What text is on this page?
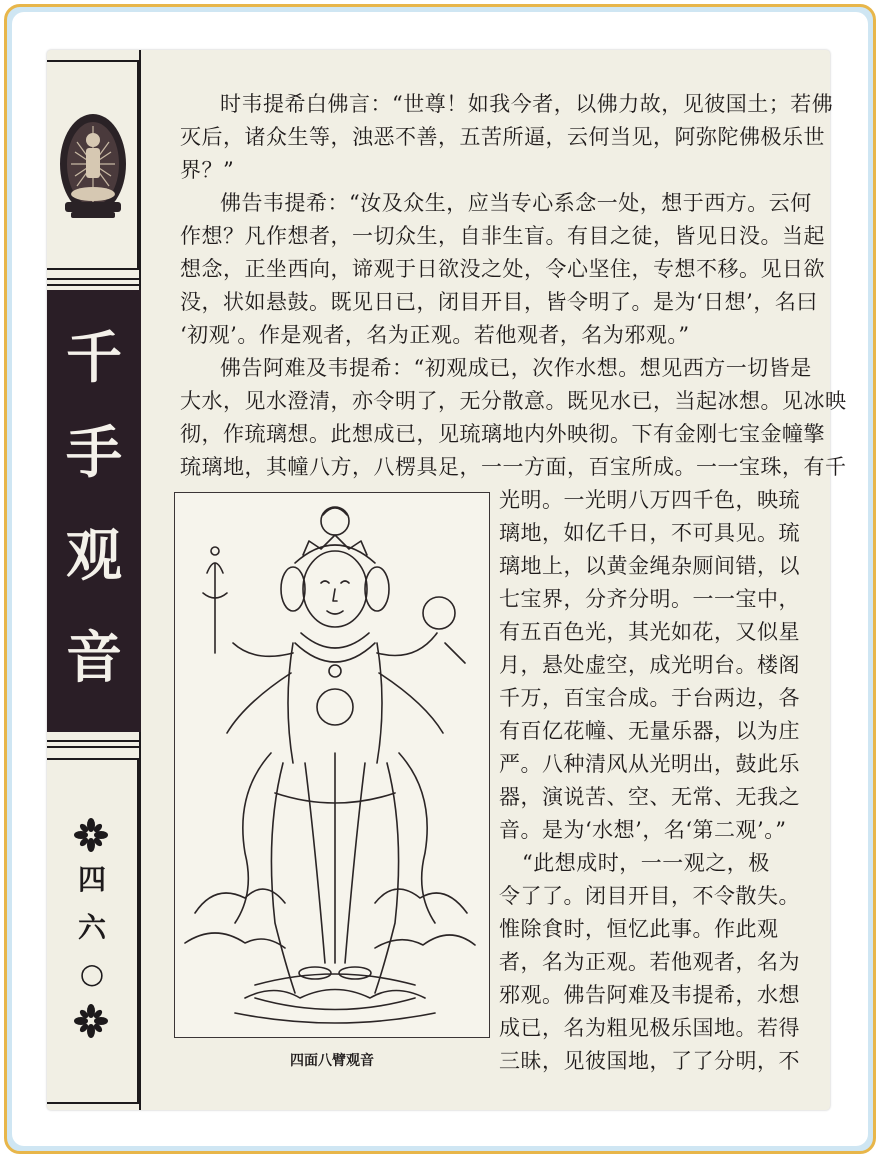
千
手
观
音
四
六
○
时韦提希白佛言：“世尊！如我今者，以佛力故，见彼国土；若佛
灭后，诸众生等，浊恶不善，五苦所逼，云何当见，阿弥陀佛极乐世
界？”
佛告韦提希：“汝及众生，应当专心系念一处，想于西方。云何
作想？凡作想者，一切众生，自非生盲。有目之徒，皆见日没。当起
想念，正坐西向，谛观于日欲没之处，令心坚住，专想不移。见日欲
没，状如悬鼓。既见日已，闭目开目，皆令明了。是为‘日想’，名曰
‘初观’。作是观者，名为正观。若他观者，名为邪观。”
佛告阿难及韦提希：“初观成已，次作水想。想见西方一切皆是
大水，见水澄清，亦令明了，无分散意。既见水已，当起冰想。见冰映
彻，作琉璃想。此想成已，见琉璃地内外映彻。下有金刚七宝金幢擎
琉璃地，其幢八方，八楞具足，一一方面，百宝所成。一一宝珠，有千
四面八臂观音
光明。一光明八万四千色，映琉
璃地，如亿千日，不可具见。琉
璃地上，以黄金绳杂厕间错，以
七宝界，分齐分明。一一宝中，
有五百色光，其光如花，又似星
月，悬处虚空，成光明台。楼阁
千万，百宝合成。于台两边，各
有百亿花幢、无量乐器，以为庄
严。八种清风从光明出，鼓此乐
器，演说苦、空、无常、无我之
音。是为‘水想’，名‘第二观’。”
“此想成时，一一观之，极
令了了。闭目开目，不令散失。
惟除食时，恒忆此事。作此观
者，名为正观。若他观者，名为
邪观。佛告阿难及韦提希，水想
成已，名为粗见极乐国地。若得
三昧，见彼国地，了了分明，不
